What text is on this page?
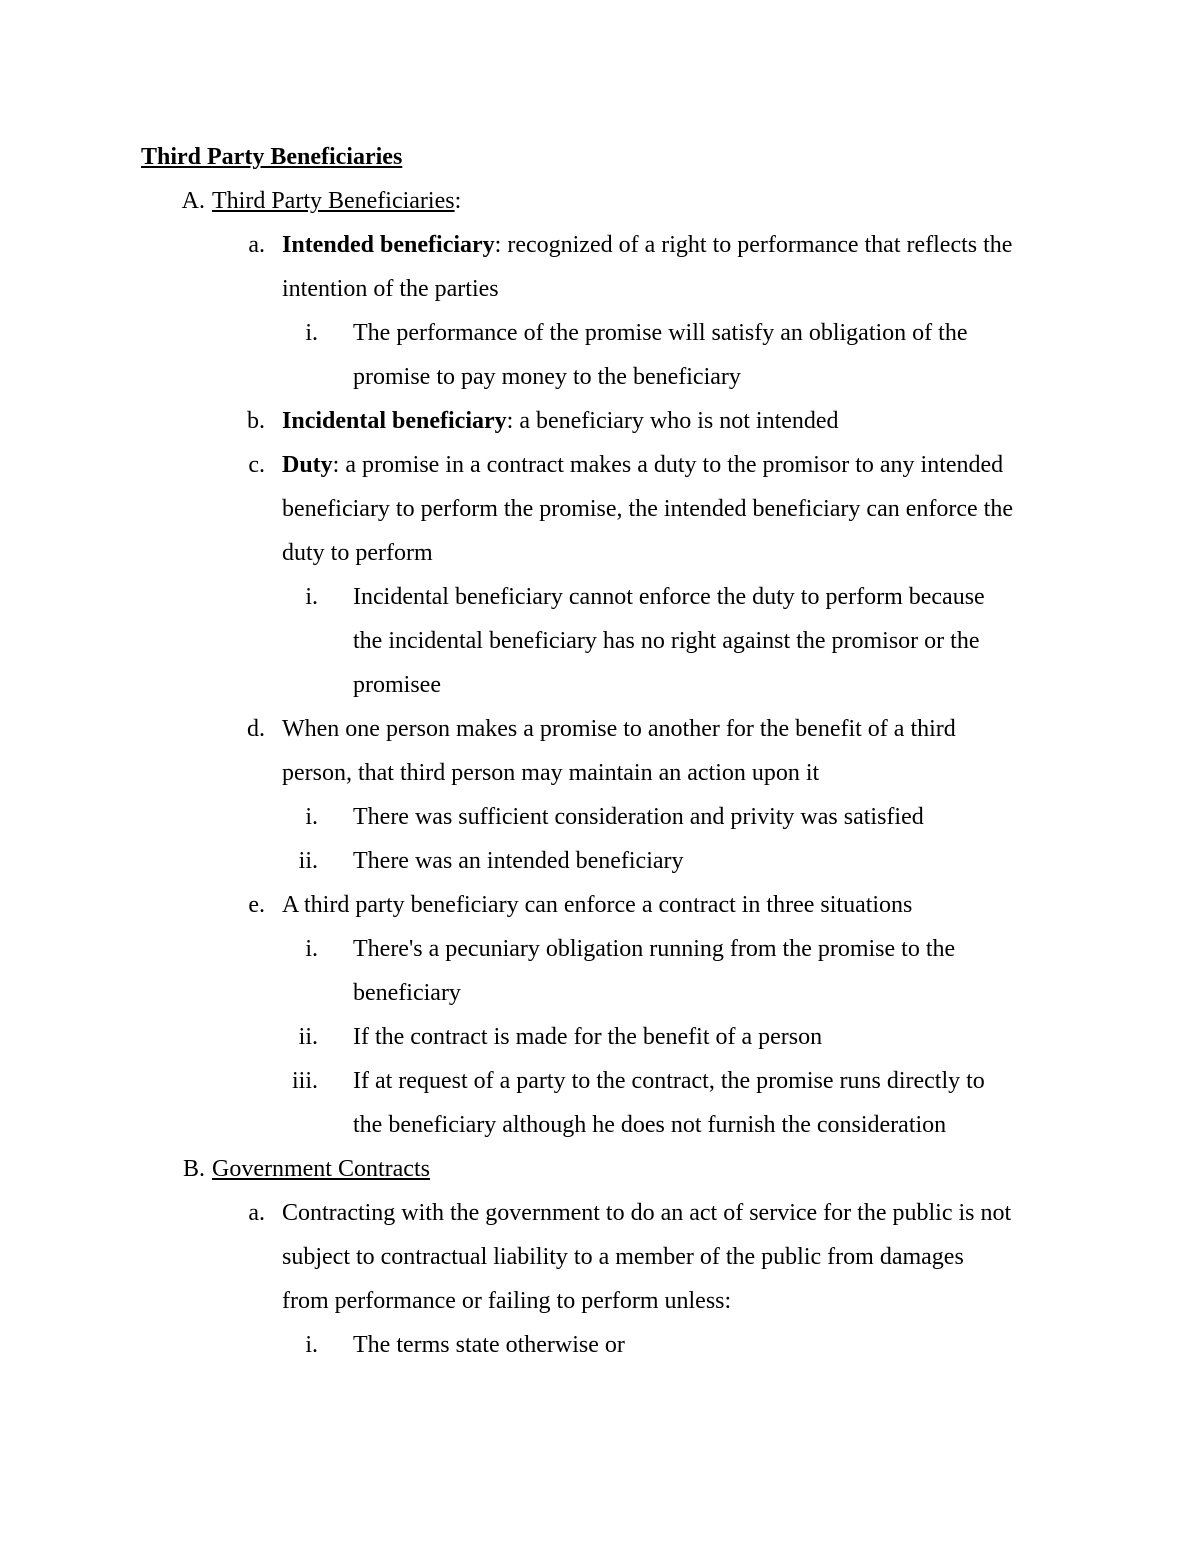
Third Party Beneficiaries
A. Third Party Beneficiaries:
a. Intended beneficiary: recognized of a right to performance that reflects the
intention of the parties
i. The performance of the promise will satisfy an obligation of the
promise to pay money to the beneficiary
b. Incidental beneficiary: a beneficiary who is not intended
c. Duty: a promise in a contract makes a duty to the promisor to any intended
beneficiary to perform the promise, the intended beneficiary can enforce the
duty to perform
i. Incidental beneficiary cannot enforce the duty to perform because
the incidental beneficiary has no right against the promisor or the
promisee
d. When one person makes a promise to another for the benefit of a third
person, that third person may maintain an action upon it
i. There was sufficient consideration and privity was satisfied
ii. There was an intended beneficiary
e. A third party beneficiary can enforce a contract in three situations
i. There's a pecuniary obligation running from the promise to the
beneficiary
ii. If the contract is made for the benefit of a person
iii. If at request of a party to the contract, the promise runs directly to
the beneficiary although he does not furnish the consideration
B. Government Contracts
a. Contracting with the government to do an act of service for the public is not
subject to contractual liability to a member of the public from damages
from performance or failing to perform unless:
i. The terms state otherwise or
